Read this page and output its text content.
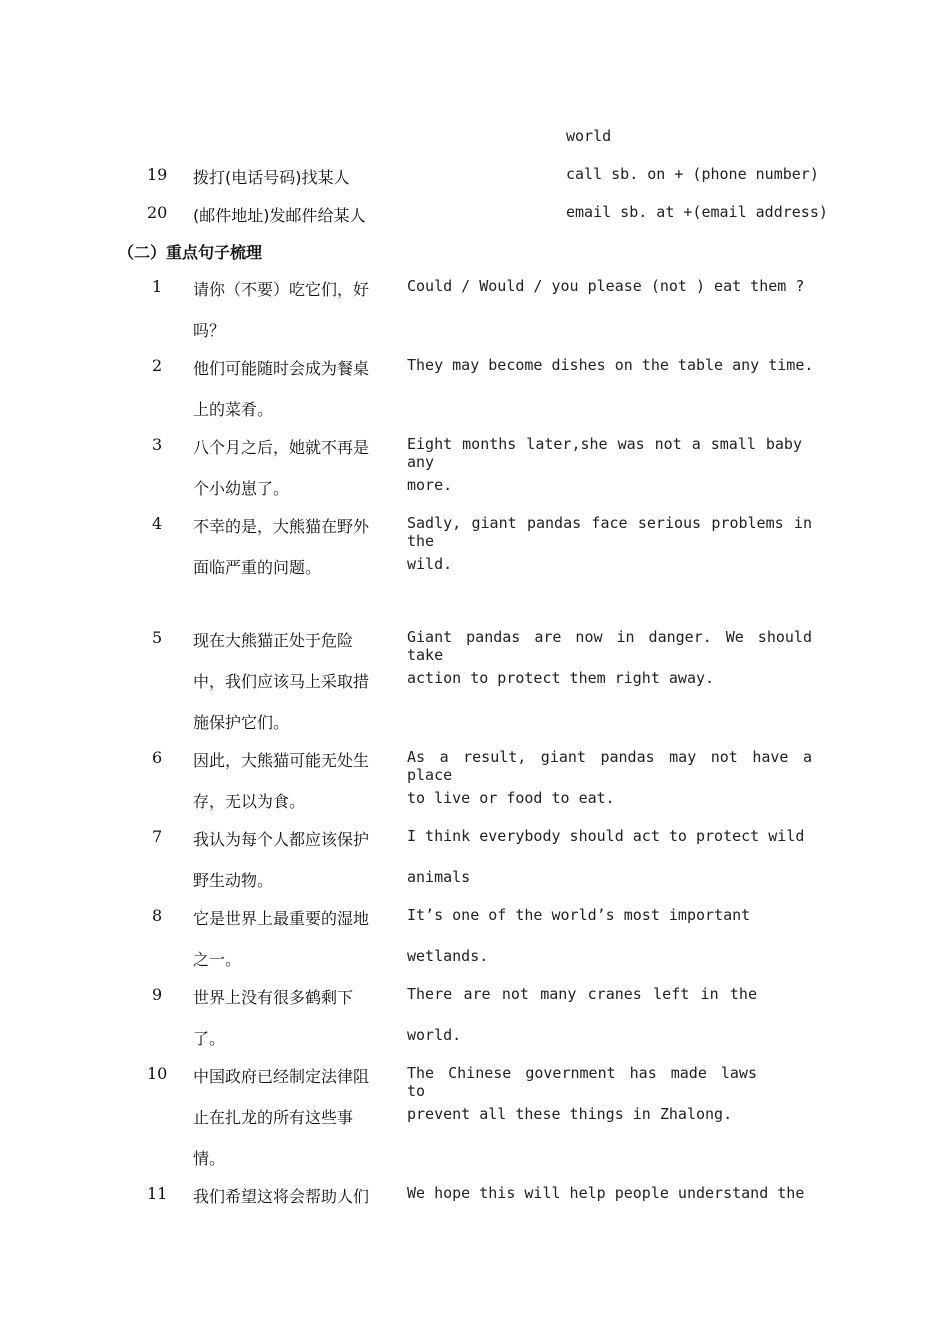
world
19 拨打(电话号码)找某人	call sb. on + (phone number)
20 (邮件地址)发邮件给某人	email sb. at +(email address)
（二）重点句子梳理
1 请你（不要）吃它们，好
吗？
Could / Would / you please (not ) eat them ?
2 他们可能随时会成为餐桌
上的菜肴。
They may become dishes on the table any time.
3 八个月之后，她就不再是
个小幼崽了。
Eight months later,she was not a small baby any
more.
4 不幸的是，大熊猫在野外
面临严重的问题。
Sadly, giant pandas face serious problems in the
wild.
5 现在大熊猫正处于危险
中，我们应该马上采取措
施保护它们。
Giant pandas are now in danger. We should take
action to protect them right away.
6 因此，大熊猫可能无处生
存，无以为食。
As a result, giant pandas may not have a place
to live or food to eat.
7 我认为每个人都应该保护
野生动物。
I think everybody should act to protect wild
animals
8 它是世界上最重要的湿地
之一。
It’s one of the world’s most important
wetlands.
9 世界上没有很多鹤剩下
了。
There are not many cranes left in the
world.
10 中国政府已经制定法律阻
止在扎龙的所有这些事
情。
The Chinese government has made laws to
prevent all these things in Zhalong.
11 我们希望这将会帮助人们	We hope this will help people understand the
